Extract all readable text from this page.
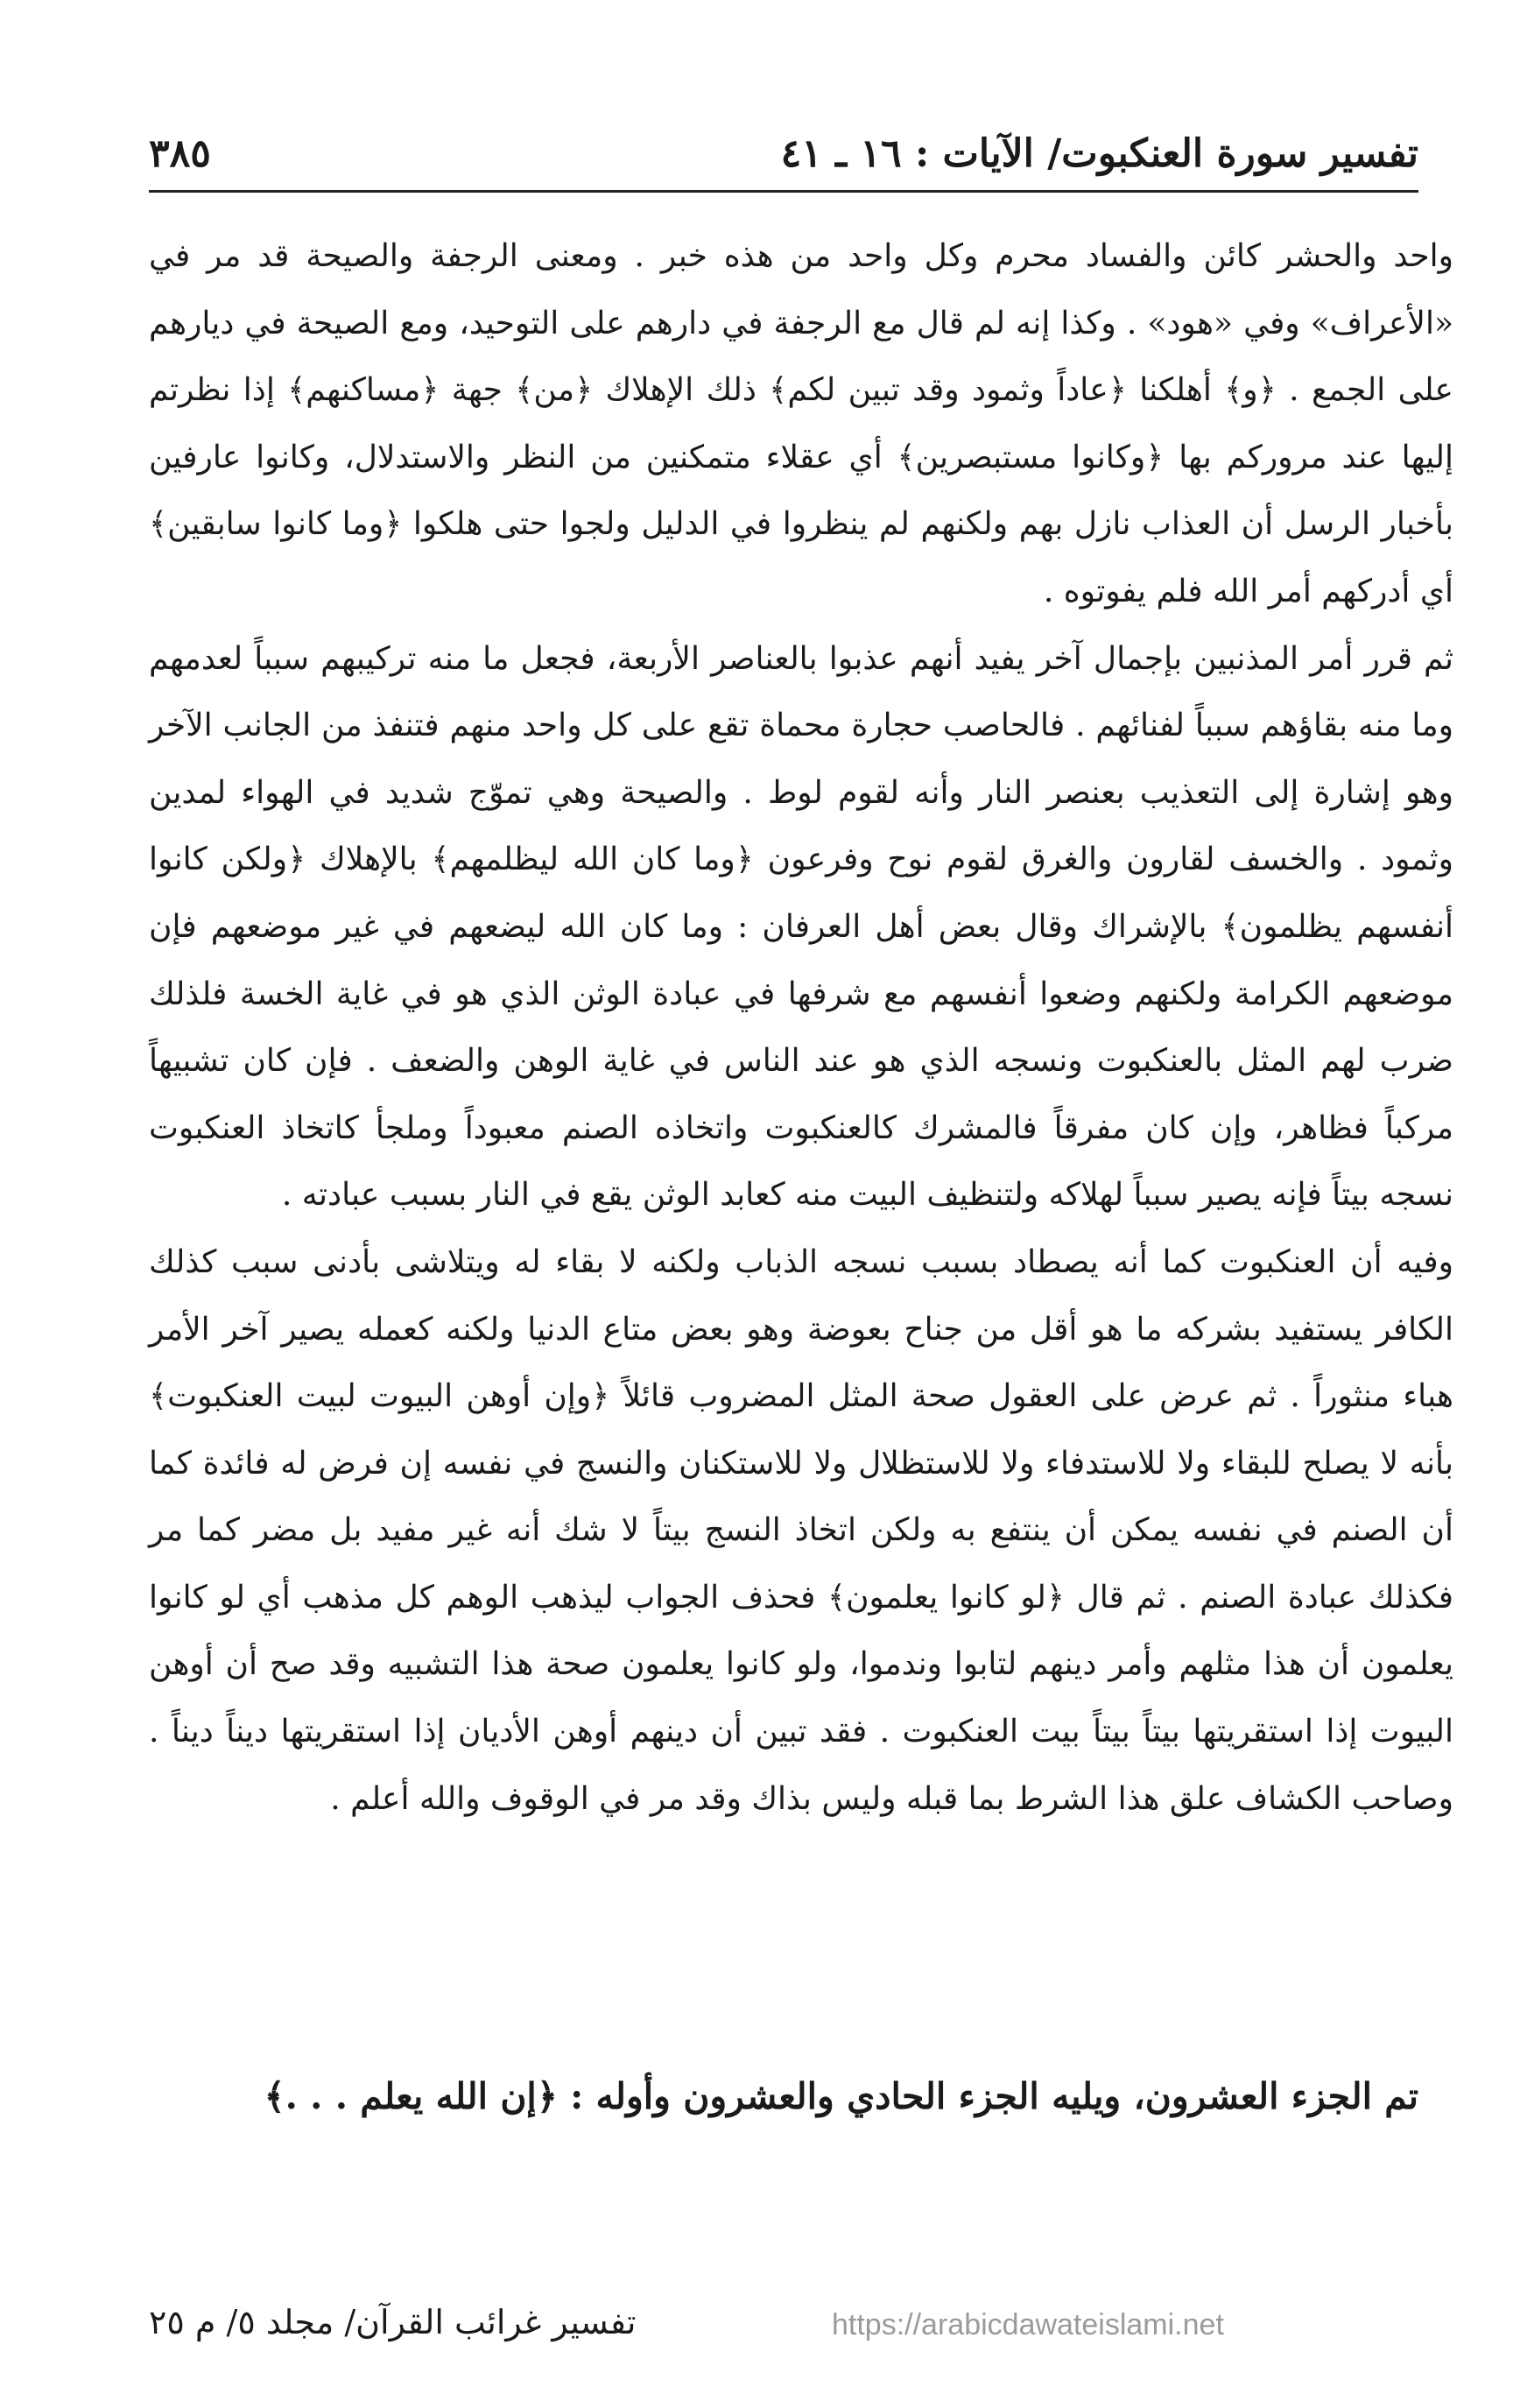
تفسير سورة العنكبوت/ الآيات : ١٦ ـ ٤١
٣٨٥

واحد والحشر كائن والفساد محرم وكل واحد من هذه خبر . ومعنى الرجفة والصيحة قد مر في «الأعراف» وفي «هود» . وكذا إنه لم قال مع الرجفة في دارهم على التوحيد، ومع الصيحة في ديارهم على الجمع . ﴿و﴾ أهلكنا ﴿عاداً وثمود وقد تبين لكم﴾ ذلك الإهلاك ﴿من﴾ جهة ﴿مساكنهم﴾ إذا نظرتم إليها عند مروركم بها ﴿وكانوا مستبصرين﴾ أي عقلاء متمكنين من النظر والاستدلال، وكانوا عارفين بأخبار الرسل أن العذاب نازل بهم ولكنهم لم ينظروا في الدليل ولجوا حتى هلكوا ﴿وما كانوا سابقين﴾ أي أدركهم أمر الله فلم يفوتوه .

ثم قرر أمر المذنبين بإجمال آخر يفيد أنهم عذبوا بالعناصر الأربعة، فجعل ما منه تركيبهم سبباً لعدمهم وما منه بقاؤهم سبباً لفنائهم . فالحاصب حجارة محماة تقع على كل واحد منهم فتنفذ من الجانب الآخر وهو إشارة إلى التعذيب بعنصر النار وأنه لقوم لوط . والصيحة وهي تموّج شديد في الهواء لمدين وثمود . والخسف لقارون والغرق لقوم نوح وفرعون ﴿وما كان الله ليظلمهم﴾ بالإهلاك ﴿ولكن كانوا أنفسهم يظلمون﴾ بالإشراك وقال بعض أهل العرفان : وما كان الله ليضعهم في غير موضعهم فإن موضعهم الكرامة ولكنهم وضعوا أنفسهم مع شرفها في عبادة الوثن الذي هو في غاية الخسة فلذلك ضرب لهم المثل بالعنكبوت ونسجه الذي هو عند الناس في غاية الوهن والضعف . فإن كان تشبيهاً مركباً فظاهر، وإن كان مفرقاً فالمشرك كالعنكبوت واتخاذه الصنم معبوداً وملجأ كاتخاذ العنكبوت نسجه بيتاً فإنه يصير سبباً لهلاكه ولتنظيف البيت منه كعابد الوثن يقع في النار بسبب عبادته .

وفيه أن العنكبوت كما أنه يصطاد بسبب نسجه الذباب ولكنه لا بقاء له ويتلاشى بأدنى سبب كذلك الكافر يستفيد بشركه ما هو أقل من جناح بعوضة وهو بعض متاع الدنيا ولكنه كعمله يصير آخر الأمر هباء منثوراً . ثم عرض على العقول صحة المثل المضروب قائلاً ﴿وإن أوهن البيوت لبيت العنكبوت﴾ بأنه لا يصلح للبقاء ولا للاستدفاء ولا للاستظلال ولا للاستكنان والنسج في نفسه إن فرض له فائدة كما أن الصنم في نفسه يمكن أن ينتفع به ولكن اتخاذ النسج بيتاً لا شك أنه غير مفيد بل مضر كما مر فكذلك عبادة الصنم . ثم قال ﴿لو كانوا يعلمون﴾ فحذف الجواب ليذهب الوهم كل مذهب أي لو كانوا يعلمون أن هذا مثلهم وأمر دينهم لتابوا وندموا، ولو كانوا يعلمون صحة هذا التشبيه وقد صح أن أوهن البيوت إذا استقريتها بيتاً بيتاً بيت العنكبوت . فقد تبين أن دينهم أوهن الأديان إذا استقريتها ديناً ديناً . وصاحب الكشاف علق هذا الشرط بما قبله وليس بذاك وقد مر في الوقوف والله أعلم .

تم الجزء العشرون، ويليه الجزء الحادي والعشرون وأوله : ﴿إن الله يعلم . . .﴾
تفسير غرائب القرآن/ مجلد ٥/ م ٢٥	https://arabicdawateislami.net
